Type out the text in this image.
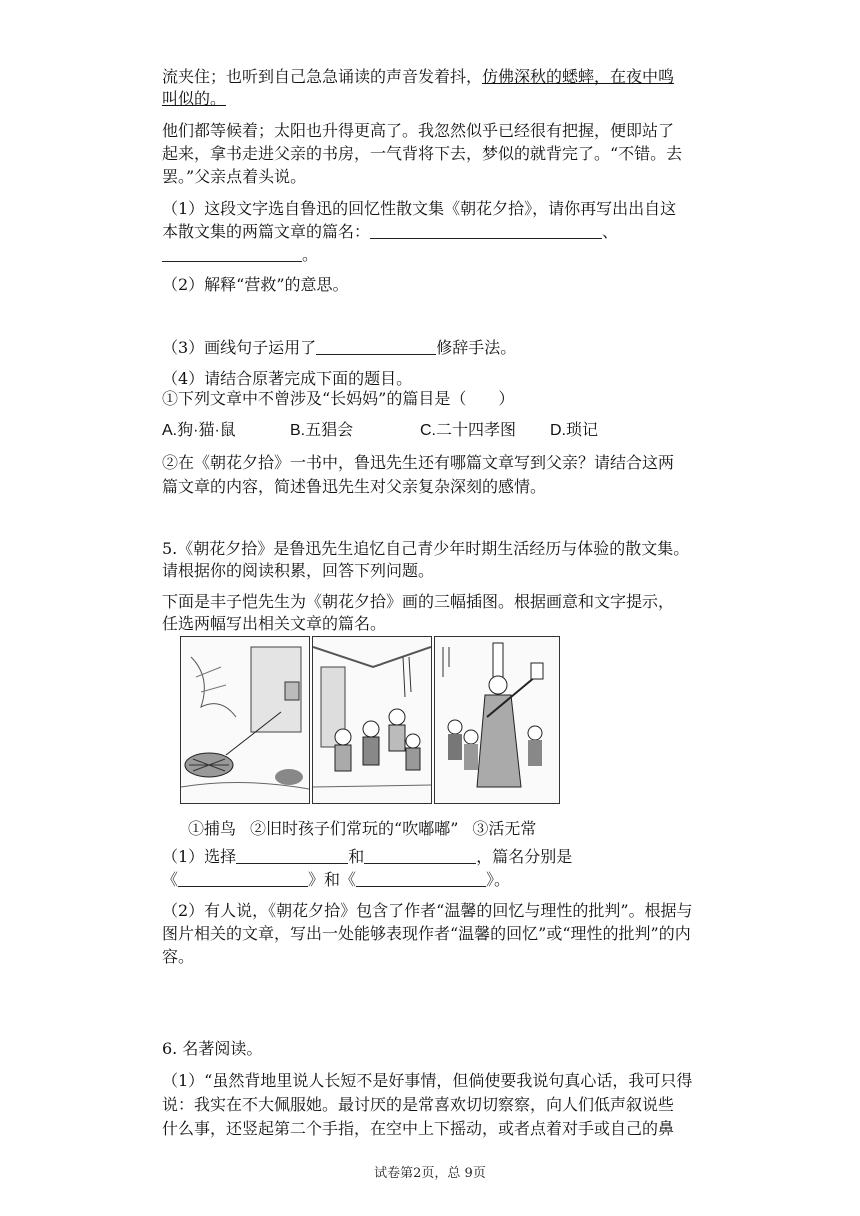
流夹住；也听到自己急急诵读的声音发着抖，仿佛深秋的蟋蟀，在夜中鸣
叫似的。
他们都等候着；太阳也升得更高了。我忽然似乎已经很有把握，便即站了
起来，拿书走进父亲的书房，一气背将下去，梦似的就背完了。“不错。去
罢。”父亲点着头说。
（1）这段文字选自鲁迅的回忆性散文集《朝花夕拾》，请你再写出出自这
本散文集的两篇文章的篇名：	、
。
（2）解释“营救”的意思。
（3）画线句子运用了	修辞手法。
（4）请结合原著完成下面的题目。
①下列文章中不曾涉及“长妈妈”的篇目是（　　）
A.狗·猫·鼠	B.五猖会	C.二十四孝图 D.琐记
②在《朝花夕拾》一书中，鲁迅先生还有哪篇文章写到父亲？请结合这两
篇文章的内容，简述鲁迅先生对父亲复杂深刻的感情。
5.《朝花夕拾》是鲁迅先生追忆自己青少年时期生活经历与体验的散文集。
请根据你的阅读积累，回答下列问题。
下面是丰子恺先生为《朝花夕拾》画的三幅插图。根据画意和文字提示，
任选两幅写出相关文章的篇名。
①捕鸟 ②旧时孩子们常玩的“吹嘟嘟” ③活无常
（1）选择	和	，篇名分别是
《	》和《	》。
（2）有人说，《朝花夕拾》包含了作者“温馨的回忆与理性的批判”。根据与
图片相关的文章，写出一处能够表现作者“温馨的回忆”或“理性的批判”的内
容。
6. 名著阅读。
（1）“虽然背地里说人长短不是好事情，但倘使要我说句真心话，我可只得
说：我实在不大佩服她。最讨厌的是常喜欢切切察察，向人们低声叙说些
什么事，还竖起第二个手指，在空中上下摇动，或者点着对手或自己的鼻
试卷第2页，总 9页
